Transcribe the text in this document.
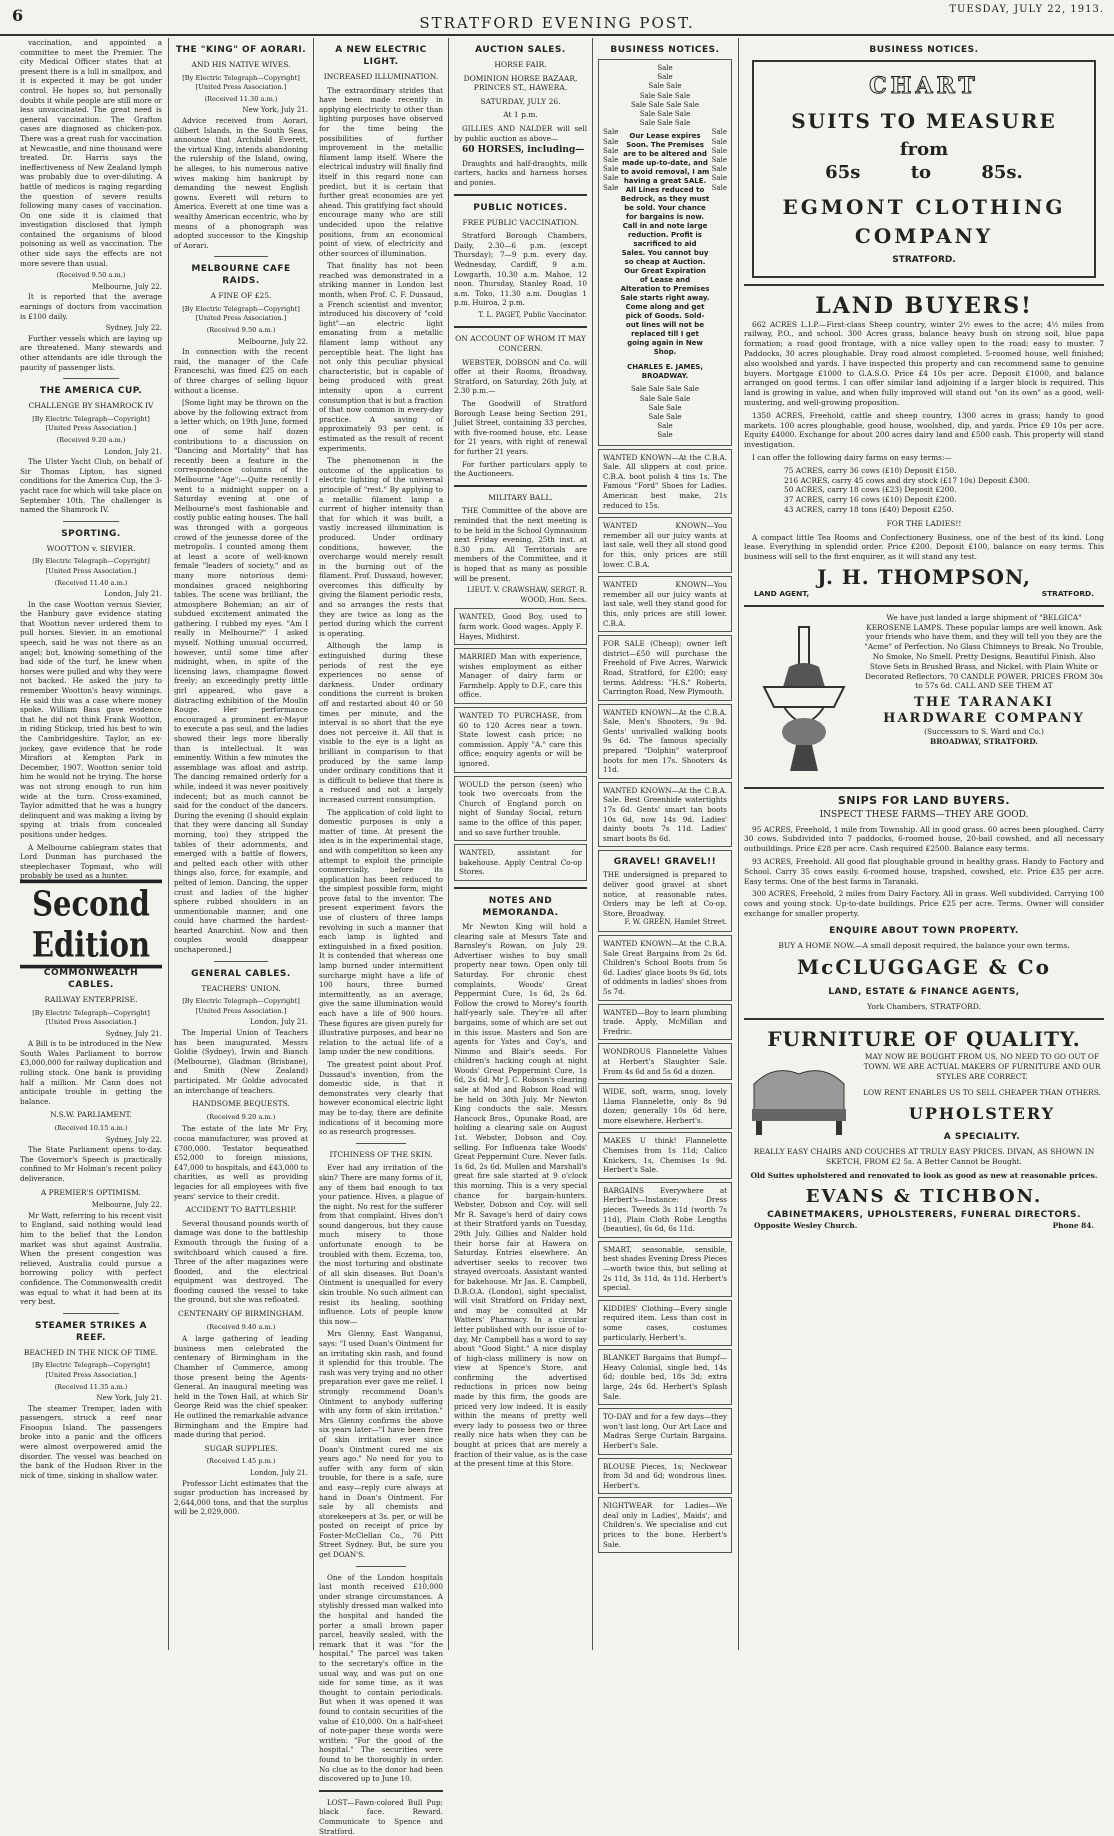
6	STRATFORD EVENING POST.
TUESDAY, JULY 22, 1913.

vaccination, and appointed a committee to meet the Premier. The city Medical Officer states that at present there is a lull in smallpox, and it is expected it may be got under control. He hopes so, but personally doubts it while people are still more or less unvaccinated. The great need is general vaccination. The Grafton cases are diagnosed as chicken-pox. There was a great rush for vaccination at Newcastle, and nine thousand were treated. Dr. Harris says the ineffectiveness of New Zealand lymph was probably due to over-diluting. A battle of medicos is raging regarding the question of severe results following many cases of vaccination. On one side it is claimed that investigation disclosed that lymph contained the organisms of blood poisoning as well as vaccination. The other side says the effects are not more severe than usual.

(Received 9.50 a.m.)
Melbourne, July 22.

It is reported that the average earnings of doctors from vaccination is £100 daily.

Sydney, July 22.

Further vessels which are laying up are threatened. Many stewards and other attendants are idle through the paucity of passenger lists.

THE AMERICA CUP.
CHALLENGE BY SHAMROCK IV
[By Electric Telegraph—Copyright] [United Press Association.]
(Received 9.20 a.m.)
London, July 21.

The Ulster Yacht Club, on behalf of Sir Thomas Lipton, has signed conditions for the America Cup, the 3-yacht race for which will take place on September 10th. The challenger is named the Shamrock IV.

SPORTING.
WOOTTON v. SIEVIER.
[By Electric Telegraph—Copyright] [United Press Association.]
(Received 11.40 a.m.)
London, July 21.

In the case Wootton versus Sievier, the Hanbury gave evidence stating that Wootton never ordered them to pull horses. Sievier, in an emotional speech, said he was not there as an angel; but, knowing something of the bad side of the turf, he knew when horses were pulled and why they were not backed. He asked the jury to remember Wootton's heavy winnings. He said this was a case where money spoke. William Bass gave evidence that he did not think Frank Wootton, in riding Stickup, tried his best to win the Cambridgeshire. Taylor, an ex-jockey, gave evidence that he rode Mirafiori at Kempton Park in December, 1907. Wootton senior told him he would not be trying. The horse was not strong enough to run him wide at the turn. Cross-examined, Taylor admitted that he was a hungry delinquent and was making a living by spying at trials from concealed positions under hedges.

A Melbourne cablegram states that Lord Dunman has purchased the steeplechaser Topmast, who will probably be used as a hunter.

Second Edition
COMMONWEALTH CABLES.
RAILWAY ENTERPRISE.
[By Electric Telegraph—Copyright] [United Press Association.]
Sydney, July 21.

A Bill is to be introduced in the New South Wales Parliament to borrow £3,000,000 for railway duplication and rolling stock. One bank is providing half a million. Mr Cann does not anticipate trouble in getting the balance.

N.S.W. PARLIAMENT.
(Received 10.15 a.m.)
Sydney, July 22.

The State Parliament opens to-day. The Governor's Speech is practically confined to Mr Holman's recent policy deliverance.

A PREMIER'S OPTIMISM.
Melbourne, July 22.

Mr Watt, referring to his recent visit to England, said nothing would lead him to the belief that the London market was shut against Australia. When the present congestion was relieved, Australia could pursue a borrowing policy with perfect confidence. The Commonwealth credit was equal to what it had been at its very best.

STEAMER STRIKES A REEF.
BEACHED IN THE NICK OF TIME.
[By Electric Telegraph—Copyright] [United Press Association.]
(Received 11.35 a.m.)
New York, July 21.

The steamer Tremper, laden with passengers, struck a reef near Fisoopus Island. The passengers broke into a panic and the officers were almost overpowered amid the disorder. The vessel was beached on the bank of the Hudson River in the nick of time, sinking in shallow water.

THE "KING" OF AORARI.
AND HIS NATIVE WIVES.
[By Electric Telegraph—Copyright] [United Press Association.]
(Received 11.30 a.m.)
New York, July 21.

Advice received from Aorari, Gilbert Islands, in the South Seas, announce that Archibald Everett, the virtual King, intends abandoning the rulership of the Island, owing, he alleges, to his numerous native wives making him bankrupt by demanding the newest English gowns. Everett will return to America. Everett at one time was a wealthy American eccentric, who by means of a phonograph was adopted successor to the Kingship of Aorari.

MELBOURNE CAFE RAIDS.
A FINE OF £25.
[By Electric Telegraph—Copyright] [United Press Association.]
(Received 9.50 a.m.)
Melbourne, July 22.

In connection with the recent raid, the manager of the Cafe Franceschi, was fined £25 on each of three charges of selling liquor without a license.

[Some light may be thrown on the above by the following extract from a letter which, on 19th June, formed one of some half dozen contributions to a discussion on "Dancing and Mortality" that has recently been a feature in the correspondence columns of the Melbourne "Age":—Quite recently I went to a midnight supper on a Saturday evening at one of Melbourne's most fashionable and costly public eating houses. The hall was thronged with a gorgeous crowd of the jeunesse doree of the metropolis. I counted among them at least a score of well-known female "leaders of society," and as many more notorious demi-mondaines graced neighboring tables. The scene was brilliant, the atmosphere Bohemian; an air of subdued excitement animated the gathering. I rubbed my eyes. "Am I really in Melbourne?" I asked myself. Nothing unusual occurred, however, until some time after midnight, when, in spite of the licensing laws, champagne flowed freely; an exceedingly pretty little girl appeared, who gave a distracting exhibition of the Moulin Rouge. Her performance encouraged a prominent ex-Mayor to execute a pas seul, and the ladies showed their legs more liberally than is intellectual. It was eminently. Within a few minutes the assemblage was afloat and astrip. The dancing remained orderly for a while, indeed it was never positively indecent; but as much cannot be said for the conduct of the dancers. During the evening (I should explain that they were dancing all Sunday morning, too) they stripped the tables of their adornments, and emerged with a battle of flowers, and pelted each other with other things also, force, for example, and pelted of lemon. Dancing, the upper crust and ladies of the higher sphere rubbed shoulders in an unmentionable manner, and one could have charmed the hardest-hearted Anarchist. Now and then couples would disappear unchaperoned.]

GENERAL CABLES.
TEACHERS' UNION.
[By Electric Telegraph—Copyright] [United Press Association.]
London, July 21.

The Imperial Union of Teachers has been inaugurated. Messrs Goldie (Sydney), Irwin and Bianch (Melbourne), Gladman (Brisbane), and Smith (New Zealand) participated. Mr Goldie advocated an interchange of teachers.

HANDSOME BEQUESTS.
(Received 9.20 a.m.)

The estate of the late Mr Fry, cocoa manufacturer, was proved at £700,000. Testator bequeathed £52,000 to foreign missions, £47,000 to hospitals, and £43,000 to charities, as well as providing legacies for all employees with five years' service to their credit.

ACCIDENT TO BATTLESHIP.

Several thousand pounds worth of damage was done to the battleship Exmouth through the fusing of a switchboard which caused a fire. Three of the after magazines were flooded, and the electrical equipment was destroyed. The flooding caused the vessel to take the ground, but she was refloated.

CENTENARY OF BIRMINGHAM.
(Received 9.40 a.m.)

A large gathering of leading business men celebrated the centenary of Birmingham in the Chamber of Commerce, among those present being the Agents-General. An inaugural meeting was held in the Town Hall, at which Sir George Reid was the chief speaker. He outlined the remarkable advance Birmingham and the Empire had made during that period.

SUGAR SUPPLIES.
(Received 1.45 p.m.)
London, July 21.

Professor Licht estimates that the sugar production has increased by 2,644,000 tons, and that the surplus will be 2,029,000.

A NEW ELECTRIC LIGHT.
INCREASED ILLUMINATION.

The extraordinary strides that have been made recently in applying electricity to other than lighting purposes have observed for the time being the possibilities of further improvement in the metallic filament lamp itself. Where the electrical industry will finally find itself in this regard none can predict, but it is certain that further great economies are yet ahead. This gratifying fact should encourage many who are still undecided upon the relative positions, from an economical point of view, of electricity and other sources of illumination.

That finality has not been reached was demonstrated in a striking manner in London last month, when Prof. C. F. Dussaud, a French scientist and inventor, introduced his discovery of "cold light"—an electric light emanating from a metallic filament lamp without any perceptible heat. The light has not only this peculiar physical characteristic, but is capable of being produced with great intensity upon a current consumption that is but a fraction of that now common in every-day practice. A saving of approximately 93 per cent. is estimated as the result of recent experiments.

The phenomenon is the outcome of the application to electric lighting of the universal principle of "rest." By applying to a metallic filament lamp a current of higher intensity than that for which it was built, a vastly increased illumination is produced. Under ordinary conditions, however, the overcharge would merely result in the burning out of the filament. Prof. Dussaud, however, overcomes this difficulty by giving the filament periodic rests, and so arranges the rests that they are twice as long as the period during which the current is operating.

Although the lamp is extinguished during these periods of rest the eye experiences no sense of darkness. Under ordinary conditions the current is broken off and restarted about 40 or 50 times per minute, and the interval is so short that the eye does not perceive it. All that is visible to the eye is a light as brilliant in comparison to that produced by the same lamp under ordinary conditions that it is difficult to believe that there is a reduced and not a largely increased current consumption.

The application of cold light to domestic purposes is only a matter of time. At present the idea is in the experimental stage, and with competition so keen any attempt to exploit the principle commercially, before its application has been reduced to the simplest possible form, might prove fatal to the inventor. The present experiment favors the use of clusters of three lamps revolving in such a manner that each lamp is lighted and extinguished in a fixed position. It is contended that whereas one lamp burned under intermittent surcharge might have a life of 100 hours, three burned intermittently, as an average, give the same illumination would each have a life of 900 hours. These figures are given purely for illustrative purposes, and bear no relation to the actual life of a lamp under the new conditions.

The greatest point about Prof. Dussaud's invention, from the domestic side, is that it demonstrates very clearly that however economical electric light may be to-day, there are definite indications of it becoming more so as research progresses.

ITCHINESS OF THE SKIN.

Ever had any irritation of the skin? There are many forms of it, any of them bad enough to tax your patience. Hives, a plague of the night. No rest for the sufferer from that complaint. Hives don't sound dangerous, but they cause much misery to those unfortunate enough to be troubled with them. Eczema, too, the most torturing and obstinate of all skin diseases. But Doan's Ointment is unequalled for every skin trouble. No such ailment can resist its healing, soothing influence. Lots of people know this now—

Mrs Glenny, East Wanganui, says: "I used Doan's Ointment for an irritating skin rash, and found it splendid for this trouble. The rash was very trying and no other preparation ever gave me relief. I strongly recommend Doan's Ointment to anybody suffering with any form of skin irritation." Mrs Glenny confirms the above six years later—"I have been free of skin irritation ever since Doan's Ointment cured me six years ago." No need for you to suffer with any form of skin trouble, for there is a safe, sure and easy—reply cure always at hand in Doan's Ointment. For sale by all chemists and storekeepers at 3s. per, or will be posted on receipt of price by Foster-McClellan Co., 76 Pitt Street Sydney. But, be sure you get DOAN'S.

One of the London hospitals last month received £10,000 under strange circumstances. A stylishly dressed man walked into the hospital and handed the porter a small brown paper parcel, heavily sealed, with the remark that it was "for the hospital." The parcel was taken to the secretary's office in the usual way, and was put on one side for some time, as it was thought to contain periodicals. But when it was opened it was found to contain securities of the value of £10,000. On a half-sheet of note-paper these words were written: "For the good of the hospital." The securities were found to be thoroughly in order. No clue as to the donor had been discovered up to June 10.

LOST—Fawn-colored Bull Pup; black face. Reward. Communicate to Spence and Stratford.

AUCTION SALES.
HORSE FAIR.
DOMINION HORSE BAZAAR, PRINCES ST., HAWERA.
SATURDAY, JULY 26.
At 1 p.m.

GILLIES AND NALDER will sell by public auction as above—

60 HORSES, including—

Draughts and half-draughts, milk carters, hacks and harness horses and ponies.

PUBLIC NOTICES.
FREE PUBLIC VACCINATION.

Stratford Borough Chambers, Daily, 2.30—6 p.m. (except Thursday); 7—9 p.m. every day. Wednesday, Cardiff, 9 a.m. Lowgarth, 10.30 a.m. Mahoe, 12 noon. Thursday, Stanley Road, 10 a.m. Toko, 11.30 a.m. Douglas 1 p.m. Huiroa, 2 p.m.

T. L. PAGET, Public Vaccinator.
ON ACCOUNT OF WHOM IT MAY CONCERN.

WEBSTER, DOBSON and Co. will offer at their Rooms, Broadway, Stratford, on Saturday, 26th July, at 2.30 p.m.—

The Goodwill of Stratford Borough Lease being Section 291, Juliet Street, containing 33 perches, with five-roomed house, etc. Lease for 21 years, with right of renewal for further 21 years.

For further particulars apply to the Auctioneers.

MILITARY BALL.

THE Committee of the above are reminded that the next meeting is to be held in the School Gymnasium next Friday evening, 25th inst. at 8.30 p.m. All Territorials are members of the Committee, and it is hoped that as many as possible will be present.

LIEUT. V. CRAWSHAW, SERGT. R. WOOD, Hon. Secs.
WANTED, Good Boy, used to farm work. Good wages. Apply F. Hayes, Midhirst.
MARRIED Man with experience, wishes employment as either Manager of dairy farm or Farmhelp. Apply to D.F., care this office.
WANTED TO PURCHASE, from 60 to 120 Acres near a town. State lowest cash price; no commission. Apply "A." care this office; enquiry agents or will be ignored.
WOULD the person (seen) who took two overcoats from the Church of England porch on night of Sunday Social, return same to the office of this paper, and so save further trouble.
WANTED, assistant for bakehouse. Apply Central Co-op Stores.
NOTES AND MEMORANDA.

Mr Newton King will hold a clearing sale at Messrs Tate and Barnsley's Rowan, on July 29. Advertiser wishes to buy small property near town. Open only till Saturday. For chronic chest complaints, Woods' Great Peppermint Cure, 1s 6d, 2s 6d. Follow the crowd to Morey's fourth half-yearly sale. They're all after bargains, some of which are set out in this issue. Masters and Son are agents for Yates and Coy's, and Nimmo and Blair's seeds. For children's hacking cough at night Woods' Great Peppermint Cure, 1s 6d, 2s 6d. Mr J. C. Robson's clearing sale at Mod and Robson Road will be held on 30th July. Mr Newton King conducts the sale. Messrs Hancock Bros., Opunake Road, are holding a clearing sale on August 1st. Webster, Dobson and Coy. selling. For Influenza take Woods' Great Peppermint Cure. Never fails. 1s 6d, 2s 6d. Mullen and Marshall's great fire sale started at 9 o'clock this morning. This is a very special chance for bargain-hunters. Webster, Dobson and Coy. will sell Mr R. Savage's herd of dairy cows at their Stratford yards on Tuesday, 29th July. Gillies and Nalder hold their horse fair at Hawera on Saturday. Entries elsewhere. An advertiser seeks to recover two strayed overcoats. Assistant wanted for bakehouse. Mr Jas. E. Campbell, D.B.O.A. (London), sight specialist, will visit Stratford on Friday next, and may be consulted at Mr Watters' Pharmacy. In a circular letter published with our issue of to-day, Mr Campbell has a word to say about "Good Sight." A nice display of high-class millinery is now on view at Spence's Store, and confirming the advertised reductions in prices now being made by this firm, the goods are priced very low indeed. It is easily within the means of pretty well every lady to possess two or three really nice hats when they can be bought at prices that are merely a fraction of their value, as is the case at the present time at this Store.

BUSINESS NOTICES.
Sale
Sale
Sale Sale
Sale Sale Sale
Sale Sale Sale Sale
Sale Sale Sale
Sale Sale Sale
Sale
Sale
Sale
Sale
Sale
Sale
Sale
Our Lease expires Soon. The Premises are to be altered and made up-to-date, and to avoid removal, I am having a great SALE. All Lines reduced to Bedrock, as they must be sold. Your chance for bargains is now. Call in and note large reduction. Profit is sacrificed to aid Sales. You cannot buy so cheap at Auction. Our Great Expiration of Lease and Alteration to Premises Sale starts right away. Come along and get pick of Goods. Sold-out lines will not be replaced till I get going again in New Shop.
CHARLES E. JAMES,
BROADWAY.
Sale
Sale
Sale
Sale
Sale
Sale
Sale
Sale Sale Sale Sale
Sale Sale Sale
Sale Sale
Sale Sale
Sale
Sale
WANTED KNOWN—At the C.B.A. Sale. All slippers at cost price. C.B.A. boot polish 4 tins 1s. The Famous "Ford" Shoes for Ladies. American best make, 21s reduced to 15s.
WANTED KNOWN—You remember all our juicy wants at last sale, well they all stood good for this, only prices are still lower. C.B.A.
WANTED KNOWN—You remember all our juicy wants at last sale, well they stand good for this, only prices are still lower. C.B.A.
FOR SALE (Cheap); owner left district—£50 will purchase the Freehold of Five Acres, Warwick Road, Stratford, for £200; easy terms. Address: "H.S." Roberts, Carrington Road, New Plymouth.
WANTED KNOWN—At the C.B.A. Sale, Men's Shooters, 9s 9d. Gents' unrivalled walking boots 9s 6d. The famous specially prepared "Dolphin" waterproof boots for men 17s. Shooters 4s 11d.
WANTED KNOWN—At the C.B.A. Sale. Best Greenhide watertights 17s 6d. Gents' smart tan boots 10s 6d, now 14s 9d. Ladies' dainty boots 7s 11d. Ladies' smart boots 8s 6d.
GRAVEL! GRAVEL!!
THE undersigned is prepared to deliver good gravel at short notice, at reasonable rates. Orders may be left at Co-op. Store, Broadway.
F. W. GREEN, Hamlet Street.
WANTED KNOWN—At the C.B.A. Sale Great Bargains from 2s 6d. Children's School Boots from 5s 6d. Ladies' glace boots 9s 6d, lots of oddments in ladies' shoes from 5s 7d.
WANTED—Boy to learn plumbing trade. Apply, McMillan and Fredric.
WONDROUS Flannelette Values at Herbert's Slaughter Sale. From 4s 6d and 5s 6d a dozen.
WIDE, soft, warm, snug, lovely Llama Flannelette, only 8s 9d dozen; generally 10s 6d here, more elsewhere. Herbert's.
MAKES U think! Flannelette Chemises from 1s 11d; Calico Knickers, 1s, Chemises 1s 9d. Herbert's Sale.
BARGAINS Everywhere at Herbert's—Instance: Dress pieces. Tweeds 3s 11d (worth 7s 11d), Plain Cloth Robe Lengths (beauties), 6s 6d, 6s 11d.
SMART, seasonable, sensible, best shades Evening Dress Pieces—worth twice this, but selling at 2s 11d, 3s 11d, 4s 11d. Herbert's special.
KIDDIES' Clothing—Every single required item. Less than cost in some cases, costumes particularly. Herbert's.
BLANKET Bargains that Bumpf—Heavy Colonial, single bed, 14s 6d; double bed, 18s 3d; extra large, 24s 6d. Herbert's Splash Sale.
TO-DAY and for a few days—they won't last long. Our Art Lace and Madras Serge Curtain Bargains. Herbert's Sale.
BLOUSE Pieces, 1s; Neckwear from 3d and 6d; wondrous lines. Herbert's.
NIGHTWEAR for Ladies—We deal only in Ladies', Maids', and Children's. We specialise and cut prices to the bone. Herbert's Sale.
BUSINESS NOTICES.
CHART
SUITS TO MEASURE
from
65s	to	85s.
EGMONT CLOTHING
COMPANY
STRATFORD.
LAND BUYERS!

662 ACRES L.I.P.—First-class Sheep country, winter 2½ ewes to the acre; 4½ miles from railway, P.O., and school. 300 Acres grass, balance heavy bush on strong soil, blue papa formation; a road good frontage, with a nice valley open to the road; easy to muster. 7 Paddocks, 30 acres ploughable. Dray road almost completed. 5-roomed house, well finished; also woolshed and yards. I have inspected this property and can recommend same to genuine buyers. Mortgage £1000 to G.A.S.O. Price £4 10s per acre. Deposit £1000, and balance arranged on good terms. I can offer similar land adjoining if a larger block is required. This land is growing in value, and when fully improved will stand out "on its own" as a good, well-mustering, and well-growing proposition.

1350 ACRES, Freehold, cattle and sheep country, 1300 acres in grass; handy to good markets. 100 acres ploughable, good house, woolshed, dip, and yards. Price £9 10s per acre. Equity £4000. Exchange for about 200 acres dairy land and £500 cash. This property will stand investigation.

I can offer the following dairy farms on easy terms:—

75 ACRES, carry 36 cows (£10) Deposit £150.
216 ACRES, carry 45 cows and dry stock (£17 10s) Deposit £300.
50 ACRES, carry 18 cows (£23) Deposit £200.
37 ACRES, carry 16 cows (£10) Deposit £200.
43 ACRES, carry 18 tons (£40) Deposit £250.
FOR THE LADIES!!

A compact little Tea Rooms and Confectionery Business, one of the best of its kind. Long lease. Everything in splendid order. Price £200. Deposit £100, balance on easy terms. This business will sell to the first enquirer, as it will stand any test.

J. H. THOMPSON,
LAND AGENT,	STRATFORD.
We have just landed a large shipment of "BELGICA" KEROSENE LAMPS. These popular lamps are well known. Ask your friends who have them, and they will tell you they are the "Acme" of Perfection. No Glass Chimneys to Break. No Trouble, No Smoke, No Smell. Pretty Designs, Beautiful Finish. Also Stove Sets in Brushed Brass, and Nickel, with Plain White or Decorated Reflectors. 70 CANDLE POWER. PRICES FROM 30s to 57s 6d. CALL AND SEE THEM AT
THE TARANAKI HARDWARE COMPANY
(Successors to S. Ward and Co.)
BROADWAY, STRATFORD.
SNIPS FOR LAND BUYERS.
INSPECT THESE FARMS—THEY ARE GOOD.

95 ACRES, Freehold, 1 mile from Township. All in good grass. 60 acres been ploughed. Carry 30 cows. Subdivided into 7 paddocks, 6-roomed house, 20-bail cowshed, and all necessary outbuildings. Price £28 per acre. Cash required £2500. Balance easy terms.

93 ACRES, Freehold. All good flat ploughable ground in healthy grass. Handy to Factory and School. Carry 35 cows easily. 6-roomed house, trapshed, cowshed, etc. Price £35 per acre. Easy terms. One of the best farms in Taranaki.

300 ACRES, Freehold, 2 miles from Dairy Factory. All in grass. Well subdivided. Carrying 100 cows and young stock. Up-to-date buildings. Price £25 per acre. Terms. Owner will consider exchange for smaller property.

ENQUIRE ABOUT TOWN PROPERTY.
BUY A HOME NOW.—A small deposit required, the balance your own terms.
McCLUGGAGE & Co
LAND, ESTATE & FINANCE AGENTS,
York Chambers, STRATFORD.
FURNITURE OF QUALITY.
MAY NOW BE BOUGHT FROM US, NO NEED TO GO OUT OF TOWN. WE ARE ACTUAL MAKERS OF FURNITURE AND OUR STYLES ARE CORRECT.
LOW RENT ENABLES US TO SELL CHEAPER THAN OTHERS.
UPHOLSTERY
A SPECIALITY.
REALLY EASY CHAIRS AND COUCHES AT TRULY EASY PRICES. DIVAN, AS SHOWN IN SKETCH, FROM £2 5s. A Better Cannot be Bought.
Old Suites upholstered and renovated to look as good as new at reasonable prices.
EVANS & TICHBON.
CABINETMAKERS, UPHOLSTERERS, FUNERAL DIRECTORS.
Opposite Wesley Church.	Phone 84.
